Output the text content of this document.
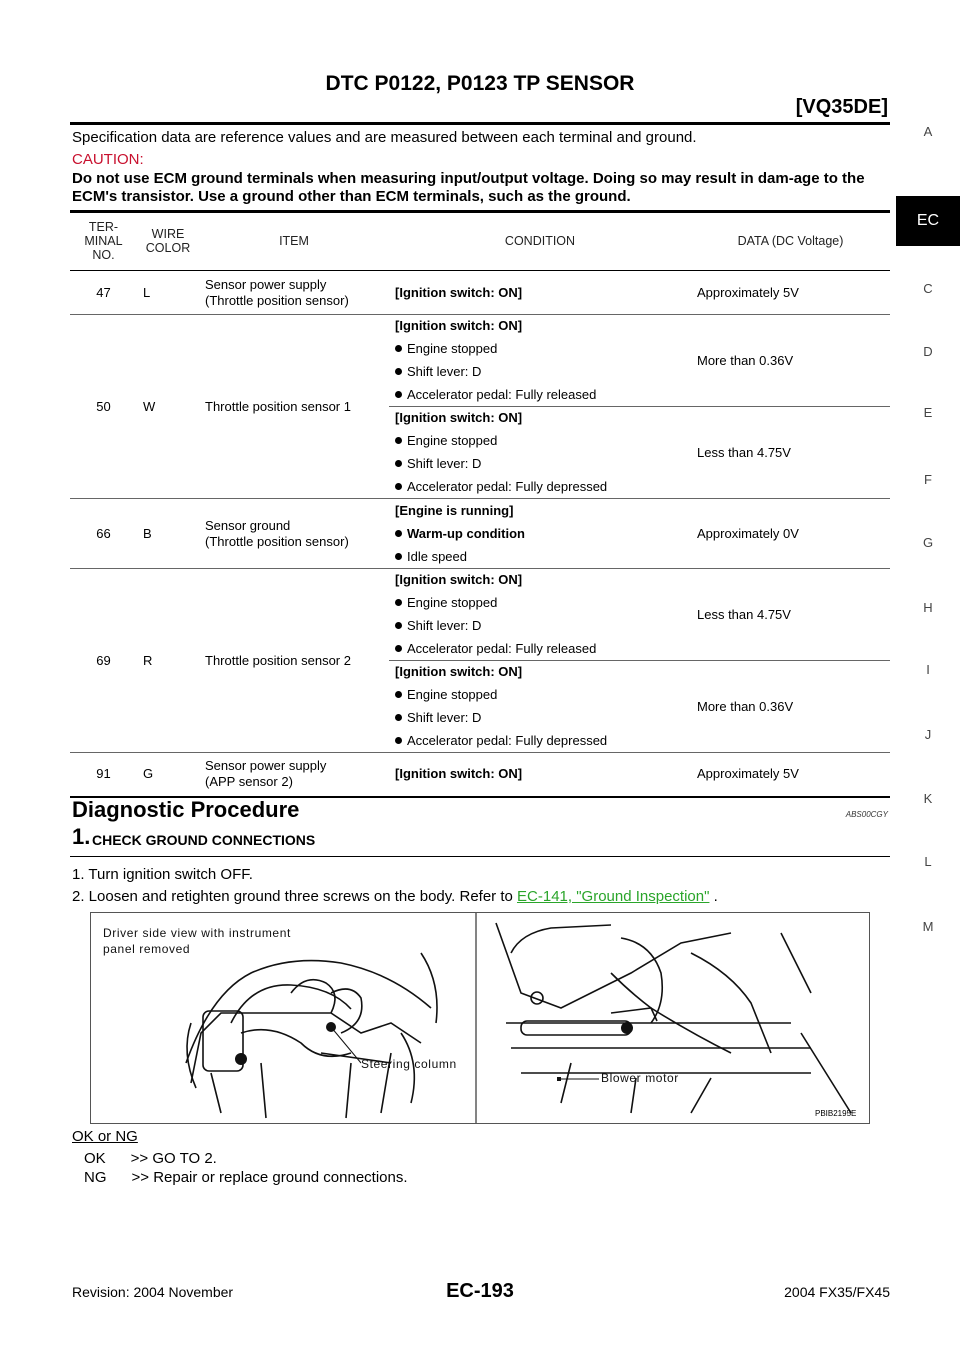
DTC P0122, P0123 TP SENSOR
[VQ35DE]
A
EC
C
D
E
F
G
H
I
J
K
L
M
Specification data are reference values and are measured between each terminal and ground.
CAUTION:
Do not use ECM ground terminals when measuring input/output voltage. Doing so may result in dam-age to the ECM's transistor. Use a ground other than ECM terminals, such as the ground.
TER-MINAL NO.	WIRE COLOR	ITEM	CONDITION	DATA (DC Voltage)
47	L	Sensor power supply
(Throttle position sensor)	[Ignition switch: ON]	Approximately 5V
50	W	Throttle position sensor 1	[Ignition switch: ON]
Engine stopped
Shift lever: D
Accelerator pedal: Fully released	More than 0.36V

			[Ignition switch: ON]
Engine stopped
Shift lever: D
Accelerator pedal: Fully depressed	Less than 4.75V
66	B	Sensor ground
(Throttle position sensor)	[Engine is running]
Warm-up condition
Idle speed	Approximately 0V
69	R	Throttle position sensor 2	[Ignition switch: ON]
Engine stopped
Shift lever: D
Accelerator pedal: Fully released	Less than 4.75V

			[Ignition switch: ON]
Engine stopped
Shift lever: D
Accelerator pedal: Fully depressed	More than 0.36V
91	G	Sensor power supply
(APP sensor 2)	[Ignition switch: ON]	Approximately 5V
Diagnostic Procedure	ABS00CGY
1. CHECK GROUND CONNECTIONS
1. Turn ignition switch OFF.
2. Loosen and retighten ground three screws on the body. Refer to EC-141, "Ground Inspection" .
Driver side view with instrument
panel removed
Steering column
Blower motor
PBIB2195E
OK or NG
OK      >> GO TO 2.
NG      >> Repair or replace ground connections.
Revision: 2004 November	EC-193	2004 FX35/FX45
